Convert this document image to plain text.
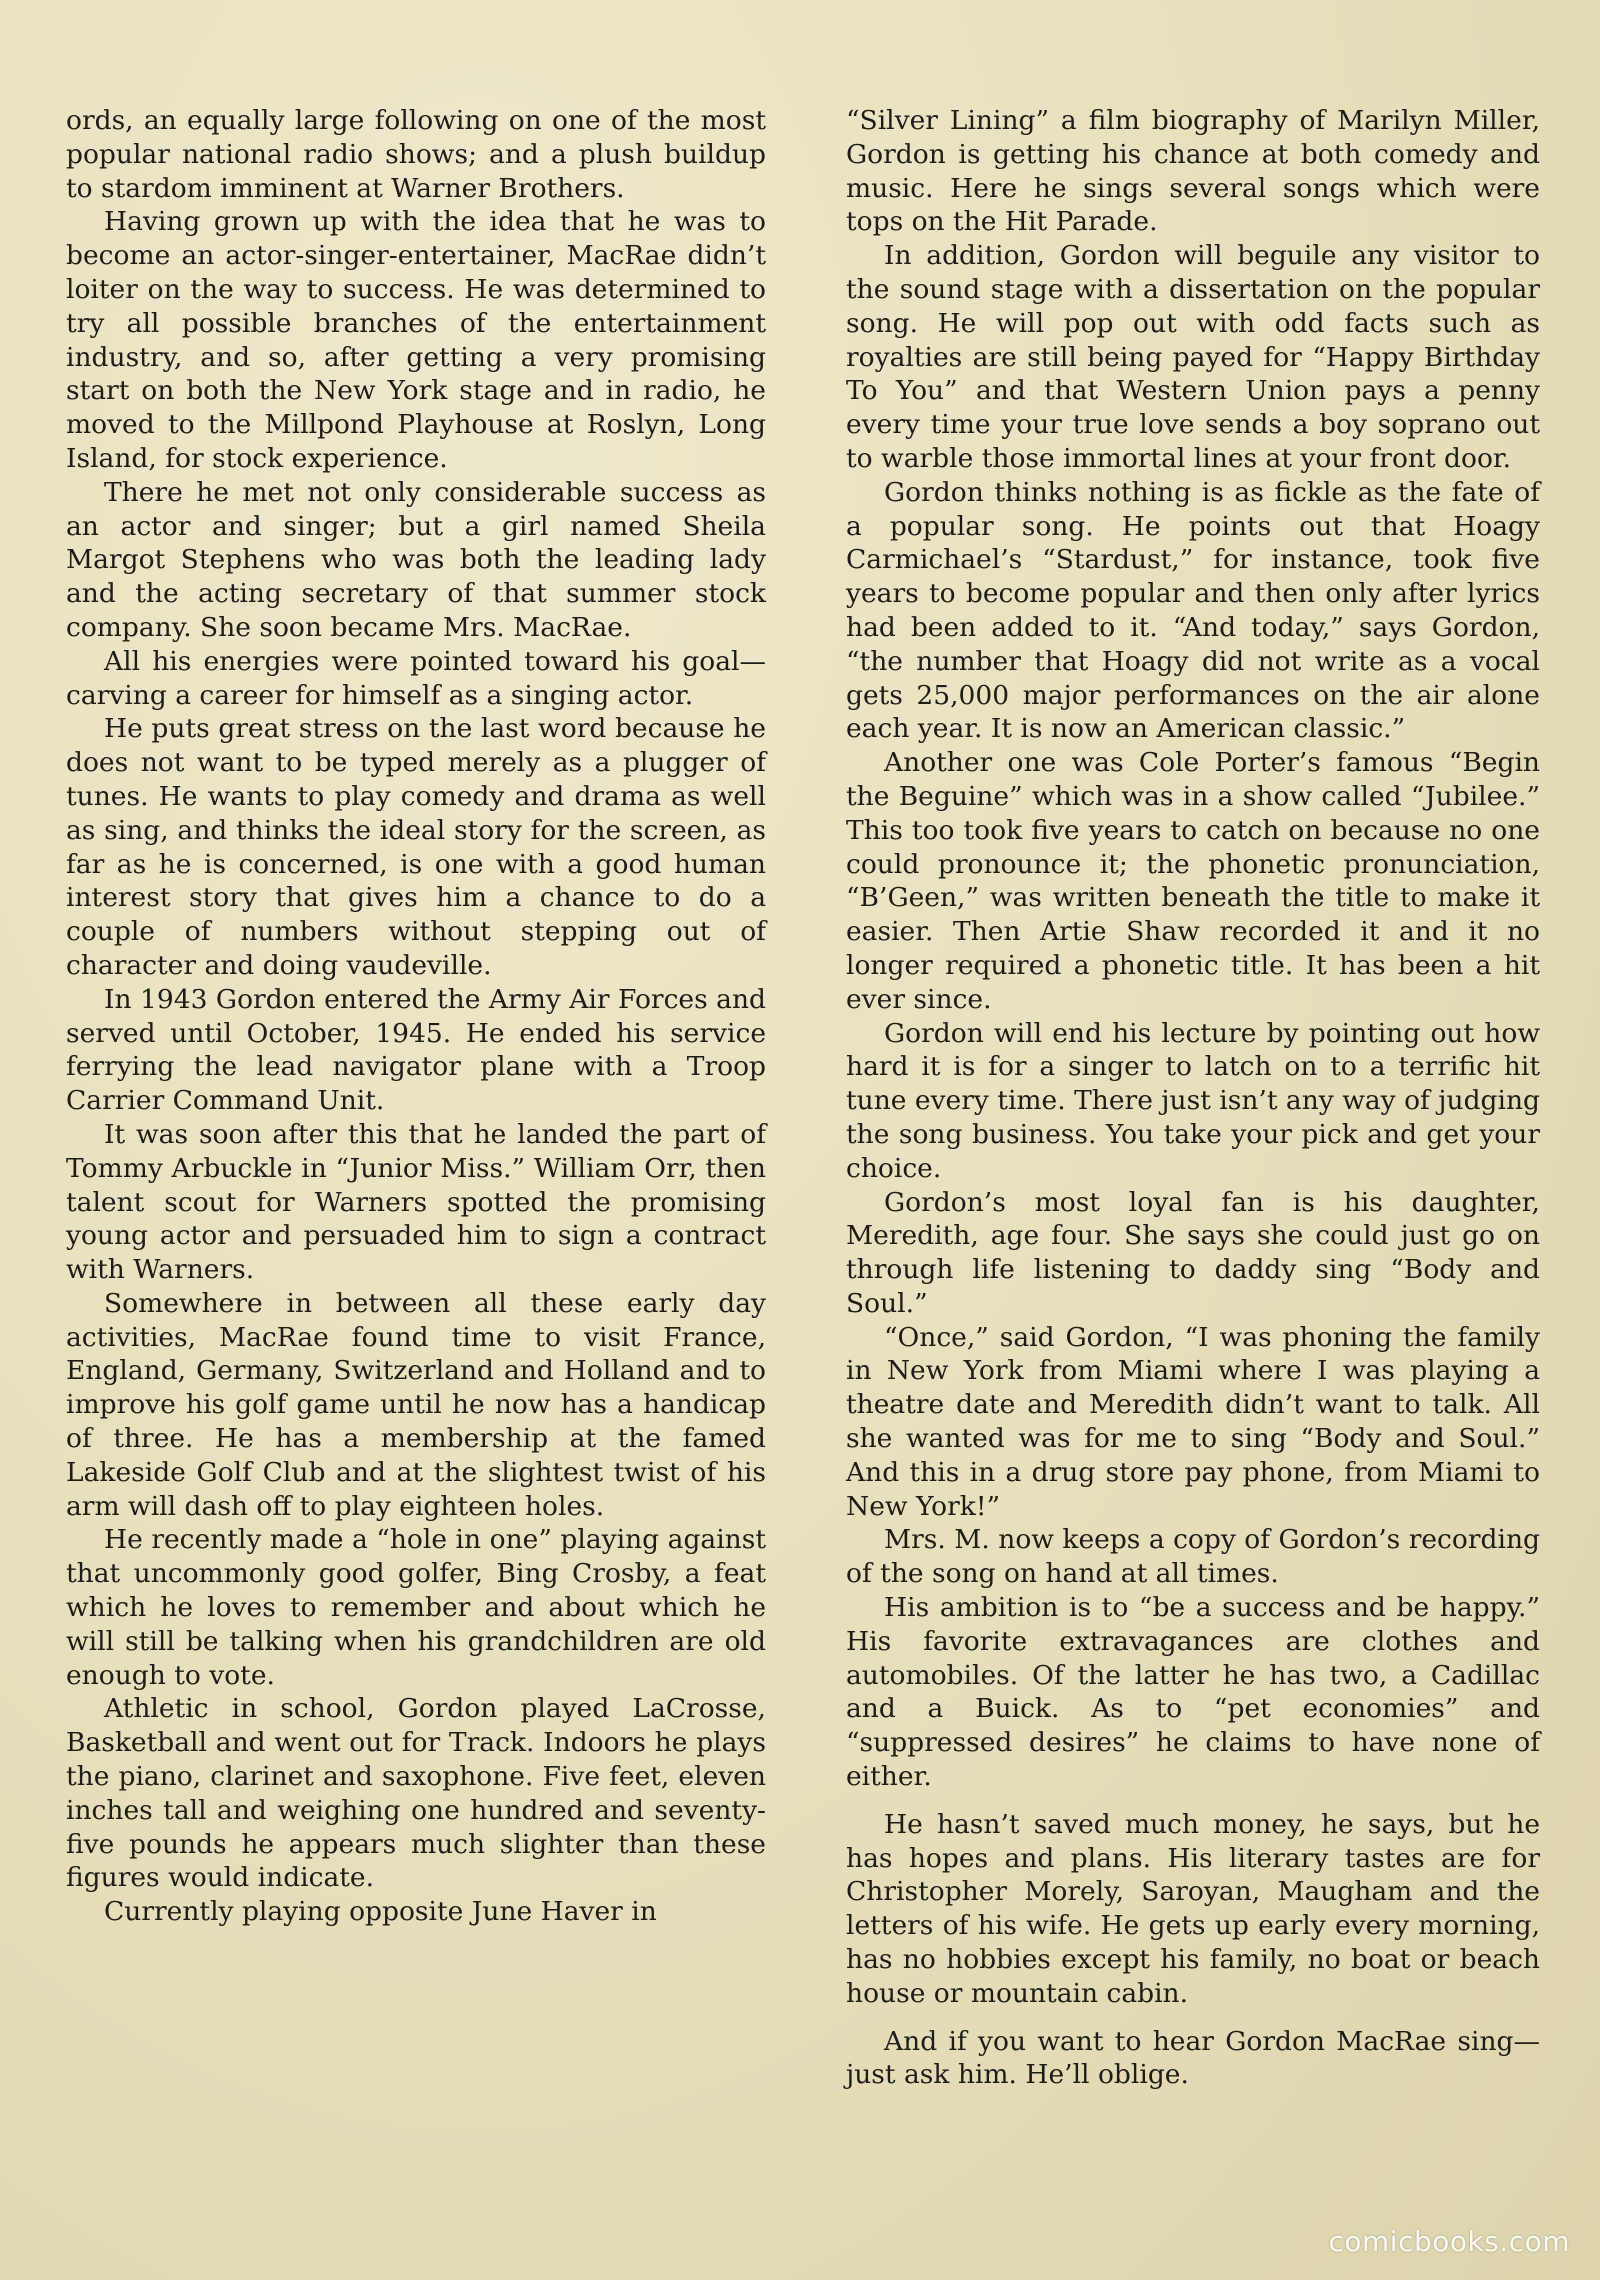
ords, an equally large following on one of the most popular national radio shows; and a plush buildup to stardom imminent at Warner Brothers.

Having grown up with the idea that he was to become an actor-singer-entertainer, MacRae didn’t loiter on the way to success. He was determined to try all possible branches of the entertainment industry, and so, after getting a very promising start on both the New York stage and in radio, he moved to the Millpond Playhouse at Roslyn, Long Island, for stock experience.

There he met not only considerable success as an actor and singer; but a girl named Sheila Margot Stephens who was both the leading lady and the acting secretary of that summer stock company. She soon became Mrs. MacRae.

All his energies were pointed toward his goal—carving a career for himself as a singing actor.

He puts great stress on the last word because he does not want to be typed merely as a plugger of tunes. He wants to play comedy and drama as well as sing, and thinks the ideal story for the screen, as far as he is concerned, is one with a good human interest story that gives him a chance to do a couple of numbers without stepping out of character and doing vaudeville.

In 1943 Gordon entered the Army Air Forces and served until October, 1945. He ended his service ferrying the lead navigator plane with a Troop Carrier Command Unit.

It was soon after this that he landed the part of Tommy Arbuckle in “Junior Miss.” William Orr, then talent scout for Warners spotted the promising young actor and persuaded him to sign a contract with Warners.

Somewhere in between all these early day activities, MacRae found time to visit France, England, Germany, Switzerland and Holland and to improve his golf game until he now has a handicap of three. He has a membership at the famed Lakeside Golf Club and at the slightest twist of his arm will dash off to play eighteen holes.

He recently made a “hole in one” playing against that uncommonly good golfer, Bing Crosby, a feat which he loves to remember and about which he will still be talking when his grandchildren are old enough to vote.

Athletic in school, Gordon played LaCrosse, Basketball and went out for Track. Indoors he plays the piano, clarinet and saxophone. Five feet, eleven inches tall and weighing one hundred and seventy-five pounds he appears much slighter than these figures would indicate.

Currently playing opposite June Haver in

“Silver Lining” a film biography of Marilyn Miller, Gordon is getting his chance at both comedy and music. Here he sings several songs which were tops on the Hit Parade.

In addition, Gordon will beguile any visitor to the sound stage with a dissertation on the popular song. He will pop out with odd facts such as royalties are still being payed for “Happy Birthday To You” and that Western Union pays a penny every time your true love sends a boy soprano out to warble those immortal lines at your front door.

Gordon thinks nothing is as fickle as the fate of a popular song. He points out that Hoagy Carmichael’s “Stardust,” for instance, took five years to become popular and then only after lyrics had been added to it. “And today,” says Gordon, “the number that Hoagy did not write as a vocal gets 25,000 major performances on the air alone each year. It is now an American classic.”

Another one was Cole Porter’s famous “Begin the Beguine” which was in a show called “Jubilee.” This too took five years to catch on because no one could pronounce it; the phonetic pronunciation, “B’Geen,” was written beneath the title to make it easier. Then Artie Shaw recorded it and it no longer required a phonetic title. It has been a hit ever since.

Gordon will end his lecture by pointing out how hard it is for a singer to latch on to a terrific hit tune every time. There just isn’t any way of judging the song business. You take your pick and get your choice.

Gordon’s most loyal fan is his daughter, Meredith, age four. She says she could just go on through life listening to daddy sing “Body and Soul.”

“Once,” said Gordon, “I was phoning the family in New York from Miami where I was playing a theatre date and Meredith didn’t want to talk. All she wanted was for me to sing “Body and Soul.” And this in a drug store pay phone, from Miami to New York!”

Mrs. M. now keeps a copy of Gordon’s recording of the song on hand at all times.

His ambition is to “be a success and be happy.” His favorite extravagances are clothes and automobiles. Of the latter he has two, a Cadillac and a Buick. As to “pet economies” and “suppressed desires” he claims to have none of either.

He hasn’t saved much money, he says, but he has hopes and plans. His literary tastes are for Christopher Morely, Saroyan, Maugham and the letters of his wife. He gets up early every morning, has no hobbies except his family, no boat or beach house or mountain cabin.

And if you want to hear Gordon MacRae sing—just ask him. He’ll oblige.

comicbooks.com
